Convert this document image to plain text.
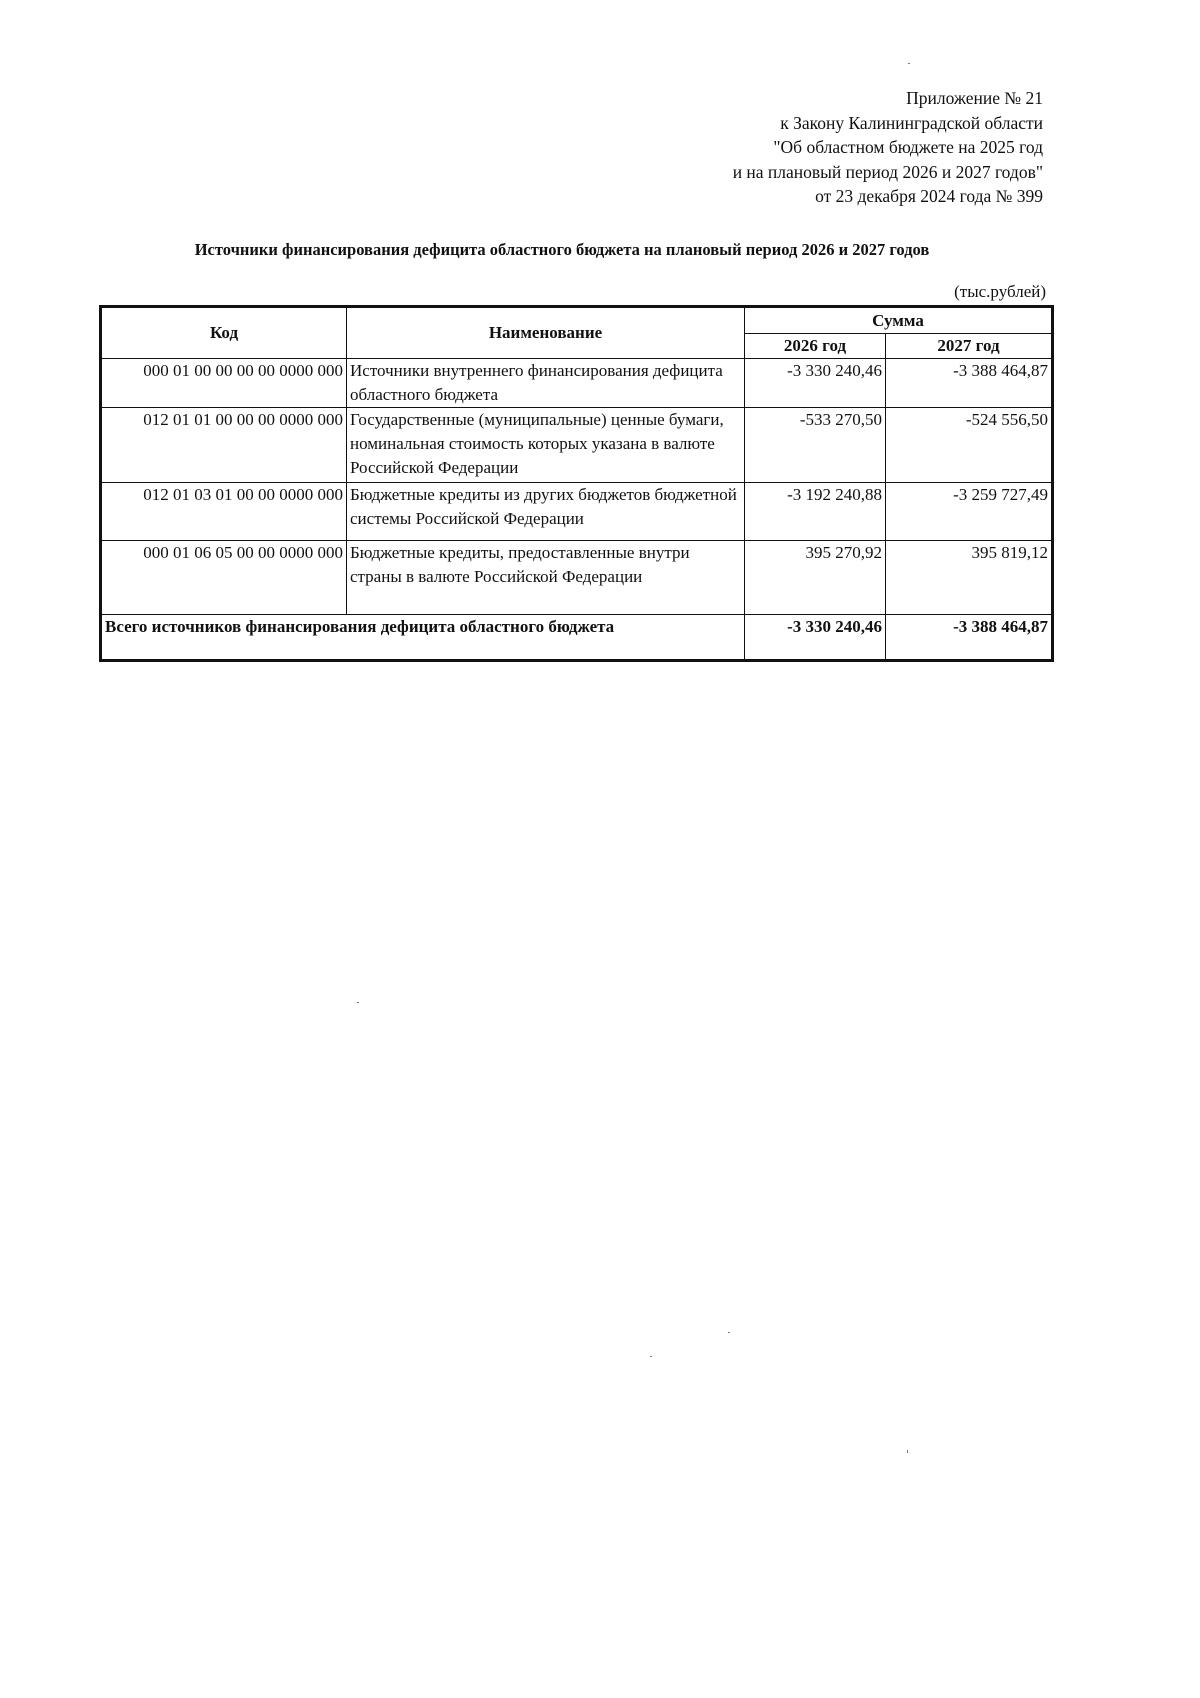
Приложение № 21
к Закону Калининградской области
"Об областном бюджете на 2025 год
и на плановый период 2026 и 2027 годов"
от 23 декабря 2024 года № 399
Источники финансирования дефицита областного бюджета на плановый период 2026 и 2027 годов
(тыс.рублей)
Код	Наименование	Сумма	
		2026 год	2027 год
000 01 00 00 00 00 0000 000	Источники внутреннего финансирования дефицита областного бюджета	-3 330 240,46	-3 388 464,87
012 01 01 00 00 00 0000 000	Государственные (муниципальные) ценные бумаги, номинальная стоимость которых указана в валюте Российской Федерации	-533 270,50	-524 556,50
012 01 03 01 00 00 0000 000	Бюджетные кредиты из других бюджетов бюджетной системы Российской Федерации	-3 192 240,88	-3 259 727,49
000 01 06 05 00 00 0000 000	Бюджетные кредиты, предоставленные внутри страны в валюте Российской Федерации	395 270,92	395 819,12
Всего источников финансирования дефицита областного бюджета		-3 330 240,46	-3 388 464,87
